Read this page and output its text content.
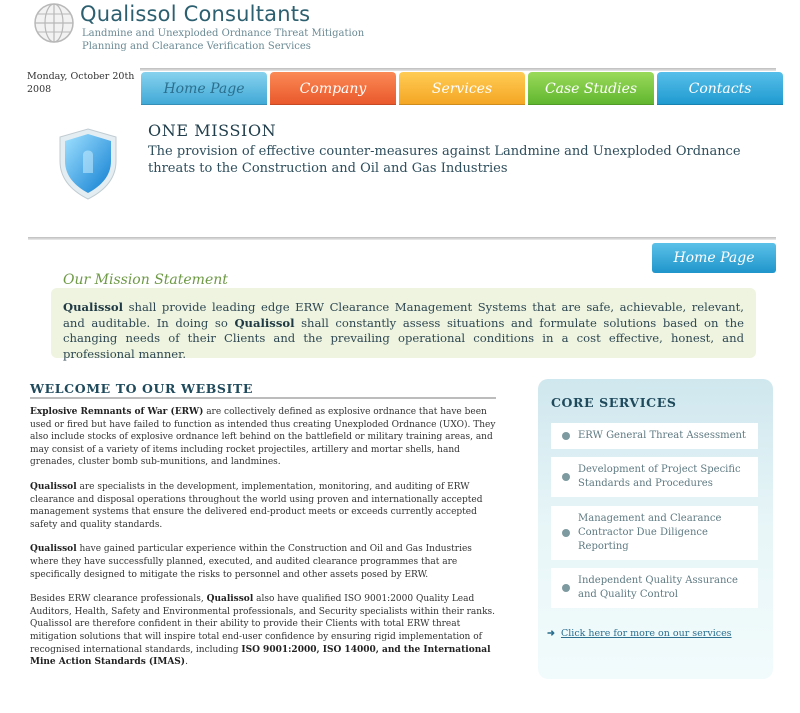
Qualissol Consultants
Landmine and Unexploded Ordnance Threat Mitigation
Planning and Clearance Verification Services
Monday, October 20th 2008	Home Page	Company	Services	Case Studies	Contacts
ONE MISSION
The provision of effective counter-measures against Landmine and Unexploded Ordnance threats to the Construction and Oil and Gas Industries
Home Page
Our Mission Statement
Qualissol shall provide leading edge ERW Clearance Management Systems that are safe, achievable, relevant, and auditable. In doing so Qualissol shall constantly assess situations and formulate solutions based on the changing needs of their Clients and the prevailing operational conditions in a cost effective, honest, and professional manner.
WELCOME TO OUR WEBSITE

Explosive Remnants of War (ERW) are collectively defined as explosive ordnance that have been used or fired but have failed to function as intended thus creating Unexploded Ordnance (UXO). They also include stocks of explosive ordnance left behind on the battlefield or military training areas, and may consist of a variety of items including rocket projectiles, artillery and mortar shells, hand grenades, cluster bomb sub-munitions, and landmines.

Qualissol are specialists in the development, implementation, monitoring, and auditing of ERW clearance and disposal operations throughout the world using proven and internationally accepted management systems that ensure the delivered end-product meets or exceeds currently accepted safety and quality standards.

Qualissol have gained particular experience within the Construction and Oil and Gas Industries where they have successfully planned, executed, and audited clearance programmes that are specifically designed to mitigate the risks to personnel and other assets posed by ERW.

Besides ERW clearance professionals, Qualissol also have qualified ISO 9001:2000 Quality Lead Auditors, Health, Safety and Environmental professionals, and Security specialists within their ranks. Qualissol are therefore confident in their ability to provide their Clients with total ERW threat mitigation solutions that will inspire total end-user confidence by ensuring rigid implementation of recognised international standards, including ISO 9001:2000, ISO 14000, and the International Mine Action Standards (IMAS).

CORE SERVICES
ERW General Threat Assessment
Development of Project Specific Standards and Procedures
Management and Clearance Contractor Due Diligence Reporting
Independent Quality Assurance and Quality Control
➜ Click here for more on our services
